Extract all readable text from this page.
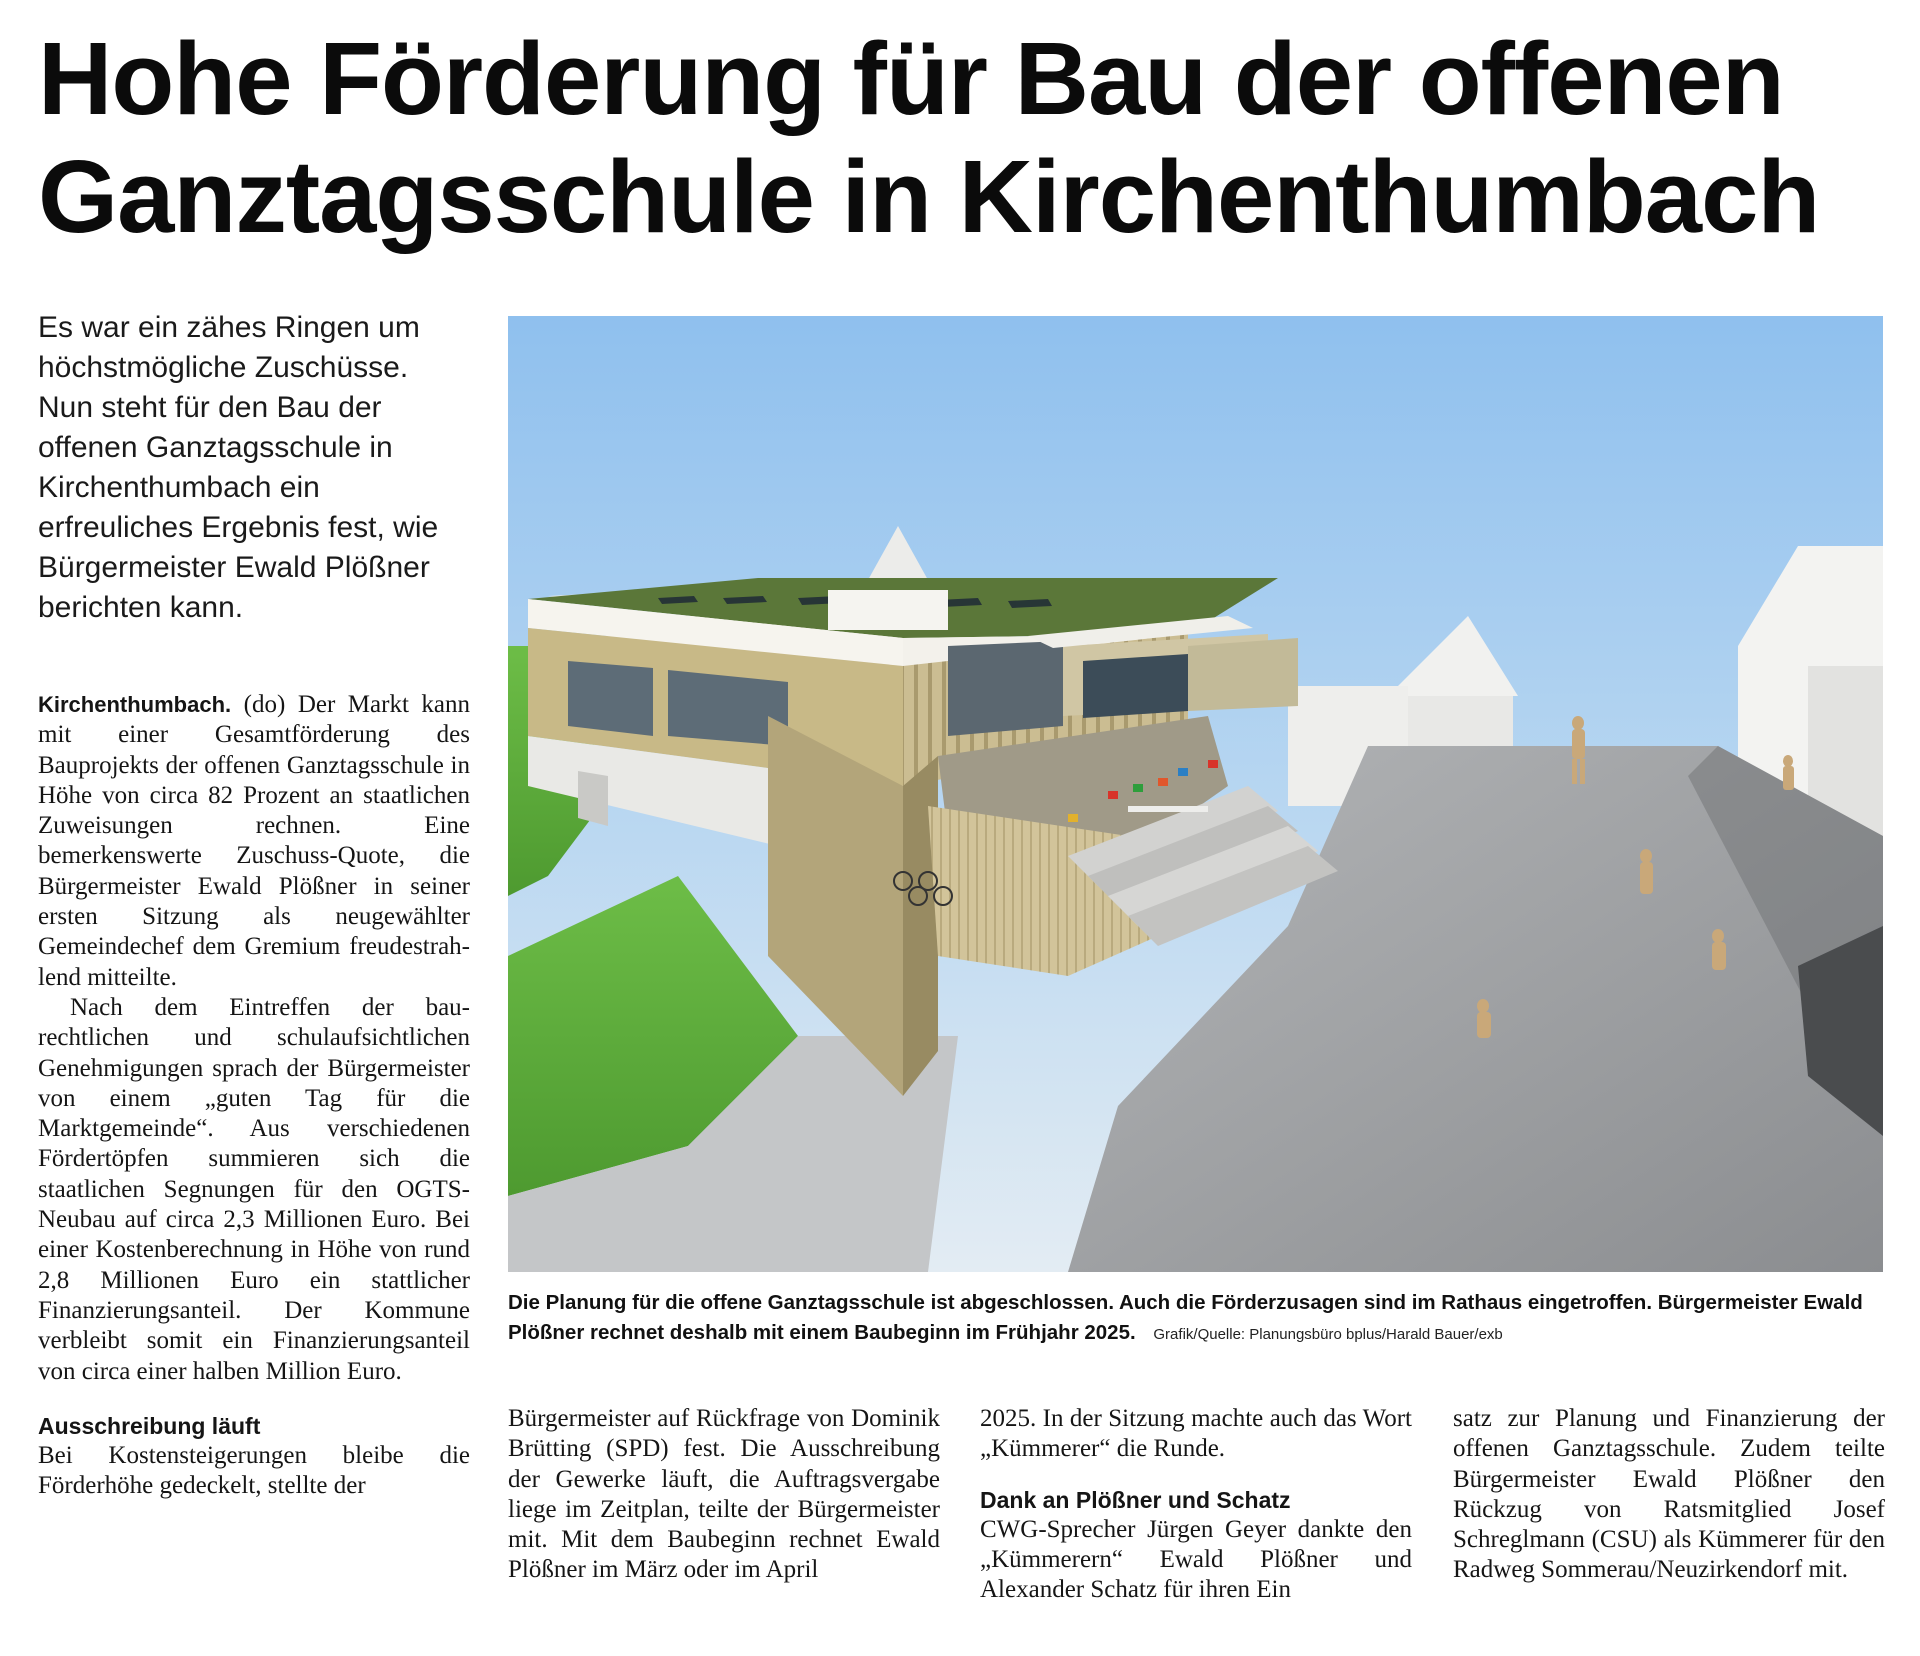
Hohe Förderung für Bau der offenen
Ganztagsschule in Kirchenthumbach

Es war ein zähes Ringen um höchstmögliche Zuschüsse. Nun steht für den Bau der offenen Ganztagsschule in Kirchenthumbach ein erfreuliches Ergebnis fest, wie Bürgermeister Ewald Plößner berichten kann.

Die Planung für die offene Ganztagsschule ist abgeschlossen. Auch die Förderzusagen sind im Rathaus eingetroffen. Bürgermeister Ewald Plößner rechnet deshalb mit einem Baubeginn im Frühjahr 2025. Grafik/Quelle: Planungsbüro bplus/Harald Bauer/exb

Kirchenthumbach. (do) Der Markt kann mit einer Gesamtförderung des Bauprojekts der offenen Ganztagsschule in Höhe von circa 82 Prozent an staatlichen Zuweisungen rechnen. Eine bemerkenswerte Zuschuss-Quote, die Bürgermeister Ewald Plößner in seiner ersten Sitzung als neugewählter Gemeindechef dem Gremium freudestrahlend mitteilte.

Nach dem Eintreffen der baurechtlichen und schulaufsichtlichen Genehmigungen sprach der Bürgermeister von einem „guten Tag für die Marktgemeinde“. Aus verschiedenen Fördertöpfen summieren sich die staatlichen Segnungen für den OGTS-Neubau auf circa 2,3 Millionen Euro. Bei einer Kostenberechnung in Höhe von rund 2,8 Millionen Euro ein stattlicher Finanzierungsanteil. Der Kommune verbleibt somit ein Finanzierungsanteil von circa einer halben Million Euro.

Ausschreibung läuft

Bei Kostensteigerungen bleibe die Förderhöhe gedeckelt, stellte der

Bürgermeister auf Rückfrage von Dominik Brütting (SPD) fest. Die Ausschreibung der Gewerke läuft, die Auftragsvergabe liege im Zeitplan, teilte der Bürgermeister mit. Mit dem Baubeginn rechnet Ewald Plößner im März oder im April

2025. In der Sitzung machte auch das Wort „Kümmerer“ die Runde.

Dank an Plößner und Schatz

CWG-Sprecher Jürgen Geyer dankte den „Kümmerern“ Ewald Plößner und Alexander Schatz für ihren Ein

satz zur Planung und Finanzierung der offenen Ganztagsschule. Zudem teilte Bürgermeister Ewald Plößner den Rückzug von Ratsmitglied Josef Schreglmann (CSU) als Kümmerer für den Radweg Sommerau/Neuzirkendorf mit.
